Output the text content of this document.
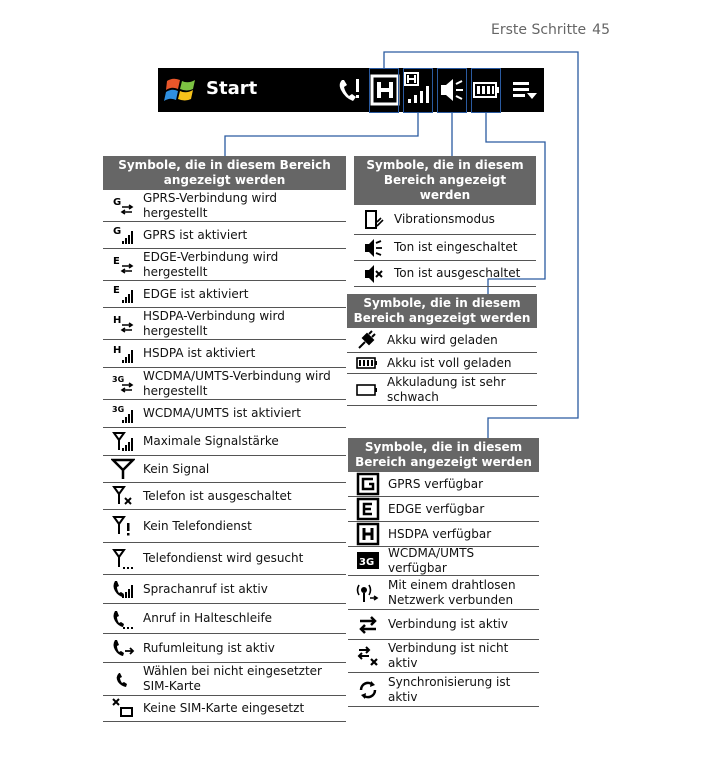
Erste Schritte 45
Start
Symbole, die in diesem Bereich angezeigt werden
G GPRS-Verbindung wird hergestellt
G GPRS ist aktiviert
E EDGE-Verbindung wird hergestellt
E EDGE ist aktiviert
H HSDPA-Verbindung wird hergestellt
H HSDPA ist aktiviert
3G WCDMA/UMTS-Verbindung wird hergestellt
3G WCDMA/UMTS ist aktiviert
Maximale Signalstärke
Kein Signal
Telefon ist ausgeschaltet
Kein Telefondienst
Telefondienst wird gesucht
Sprachanruf ist aktiv
Anruf in Halteschleife
Rufumleitung ist aktiv
Wählen bei nicht eingesetzter SIM-Karte
Keine SIM-Karte eingesetzt
Symbole, die in diesem Bereich angezeigt werden
Vibrationsmodus
Ton ist eingeschaltet
Ton ist ausgeschaltet
Symbole, die in diesem Bereich angezeigt werden
Akku wird geladen
Akku ist voll geladen
Akkuladung ist sehr schwach
Symbole, die in diesem Bereich angezeigt werden
GPRS verfügbar
EDGE verfügbar
HSDPA verfügbar
3G
WCDMA/UMTS verfügbar
Mit einem drahtlosen Netzwerk verbunden
Verbindung ist aktiv
Verbindung ist nicht aktiv
Synchronisierung ist aktiv
